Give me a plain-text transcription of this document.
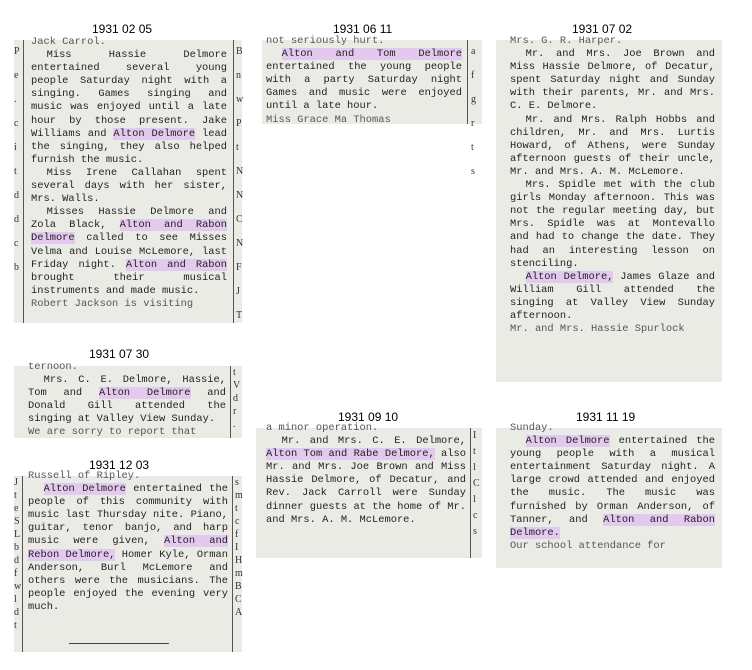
1931 02 05
P
e
.
c
i
t
d
d
c
b

Jack Carrol.

Miss Hassie Delmore entertained several young people Saturday night with a singing. Games singing and music was enjoyed until a late hour by those present. Jake Williams and Alton Delmore lead the singing, they also helped furnish the music.

Miss Irene Callahan spent several days with her sister, Mrs. Walls.

Misses Hassie Delmore and Zola Black, Alton and Rabon Delmore called to see Misses Velma and Louise McLemore, last Friday night. Alton and Rabon brought their musical instruments and made music.

Robert Jackson is visiting

B
n
w
P
t
N
N
C
N
F
J
T
1931 06 11

not seriously hurt.

Alton and Tom Delmore entertained the young people with a party Saturday night Games and music were enjoyed until a late hour.

Miss Grace Ma Thomas

a
f
g
r
t
s
1931 07 02

Mrs. G. R. Harper.

Mr. and Mrs. Joe Brown and Miss Hassie Delmore, of Decatur, spent Saturday night and Sunday with their parents, Mr. and Mrs. C. E. Delmore.

Mr. and Mrs. Ralph Hobbs and children, Mr. and Mrs. Lurtis Howard, of Athens, were Sunday afternoon guests of their uncle, Mr. and Mrs. A. M. McLemore.

Mrs. Spidle met with the club girls Monday afternoon. This was not the regular meeting day, but Mrs. Spidle was at Montevallo and had to change the date. They had an interesting lesson on stenciling.

Alton Delmore, James Glaze and William Gill attended the singing at Valley View Sunday afternoon.

Mr. and Mrs. Hassie Spurlock

1931 07 30

ternoon.

Mrs. C. E. Delmore, Hassie, Tom and Alton Delmore and Donald Gill attended the singing at Valley View Sunday.

We are sorry to report that

t
V
d
r
.
1931 09 10

a minor operation.

Mr. and Mrs. C. E. Delmore, Alton Tom and Rabe Delmore, also Mr. and Mrs. Joe Brown and Miss Hassie Delmore, of Decatur, and Rev. Jack Carroll were Sunday dinner guests at the home of Mr. and Mrs. A. M. McLemore.

I
t
l
C
l
c
s
1931 11 19

Sunday.

Alton Delmore entertained the young people with a musical entertainment Saturday night. A large crowd attended and enjoyed the music. The music was furnished by Orman Anderson, of Tanner, and Alton and Rabon Delmore.

Our school attendance for

1931 12 03
J
t
e
S
L
b
d
f
w
l
d
t

Russell of Ripley.

Alton Delmore entertained the people of this community with music last Thursday nite. Piano, guitar, tenor banjo, and harp music were given, Alton and Rebon Delmore, Homer Kyle, Orman Anderson, Burl McLemore and others were the musicians. The people enjoyed the evening very much.

s
m
t
c
f
I
H
m
B
C
A
